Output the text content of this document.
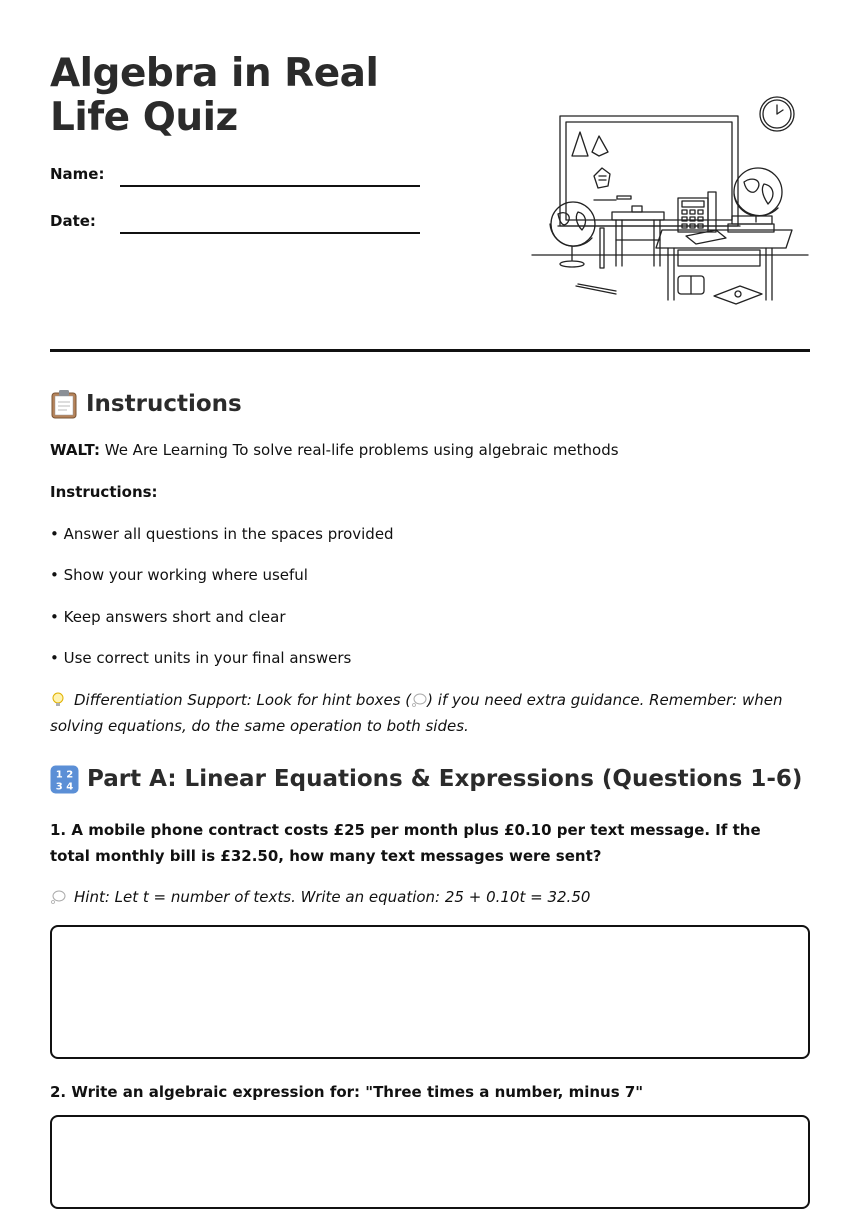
Algebra in Real Life Quiz
Name:
Date:
Instructions
WALT: We Are Learning To solve real-life problems using algebraic methods
Instructions:
• Answer all questions in the spaces provided
• Show your working where useful
• Keep answers short and clear
• Use correct units in your final answers
Differentiation Support: Look for hint boxes ( ) if you need extra guidance. Remember: when solving equations, do the same operation to both sides.
1 2
3 4 Part A: Linear Equations & Expressions (Questions 1-6)
1. A mobile phone contract costs £25 per month plus £0.10 per text message. If the total monthly bill is £32.50, how many text messages were sent?
Hint: Let t = number of texts. Write an equation: 25 + 0.10t = 32.50
2. Write an algebraic expression for: "Three times a number, minus 7"
